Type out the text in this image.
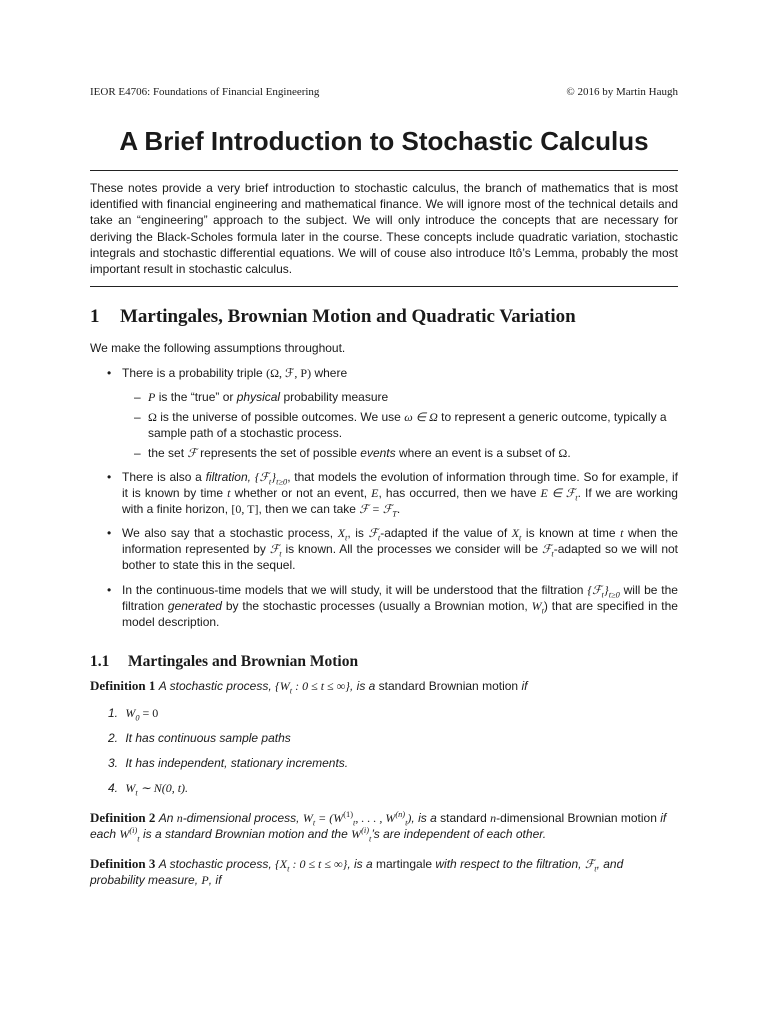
IEOR E4706: Foundations of Financial Engineering	© 2016 by Martin Haugh
A Brief Introduction to Stochastic Calculus
These notes provide a very brief introduction to stochastic calculus, the branch of mathematics that is most identified with financial engineering and mathematical finance. We will ignore most of the technical details and take an “engineering” approach to the subject. We will only introduce the concepts that are necessary for deriving the Black-Scholes formula later in the course. These concepts include quadratic variation, stochastic integrals and stochastic differential equations. We will of couse also introduce Itô’s Lemma, probably the most important result in stochastic calculus.
1 Martingales, Brownian Motion and Quadratic Variation
We make the following assumptions throughout.
• There is a probability triple (Ω, ℱ, P) where
– P is the “true” or physical probability measure
– Ω is the universe of possible outcomes. We use ω ∈ Ω to represent a generic outcome, typically a sample path of a stochastic process.
– the set ℱ represents the set of possible events where an event is a subset of Ω.
• There is also a filtration, $\{ℱ_t\}_{t\ge 0}$, that models the evolution of information through time. So for example, if it is known by time t whether or not an event, E, has occurred, then we have E ∈ ℱ$_t$. If we are working with a finite horizon, [0, T], then we can take ℱ = ℱ$_T$.
• We also say that a stochastic process, $X_t$, is ℱ$_t$-adapted if the value of $X_t$ is known at time t when the information represented by ℱ$_t$ is known. All the processes we consider will be ℱ$_t$-adapted so we will not bother to state this in the sequel.
• In the continuous-time models that we will study, it will be understood that the filtration $\{ℱ_t\}_{t\ge 0}$ will be the filtration generated by the stochastic processes (usually a Brownian motion, $W_t$) that are specified in the model description.
1.1 Martingales and Brownian Motion
Definition 1 A stochastic process, {$W_t$ : 0 ≤ t ≤ ∞}, is a standard Brownian motion if
1. $W_0 = 0$
2. It has continuous sample paths
3. It has independent, stationary increments.
4. $W_t$ ∼ N(0, t).
Definition 2 An n-dimensional process, $W_t = (W^{(1)}_t$, . . . , $W^{(n)}_t$), is a standard n-dimensional Brownian motion if each $W^{(i)}_t$ is a standard Brownian motion and the $W^{(i)}_t’s$ are independent of each other.
Definition 3 A stochastic process, {$X_t$ : 0 ≤ t ≤ ∞}, is a martingale with respect to the filtration, ℱ$_t$, and probability measure, P, if
